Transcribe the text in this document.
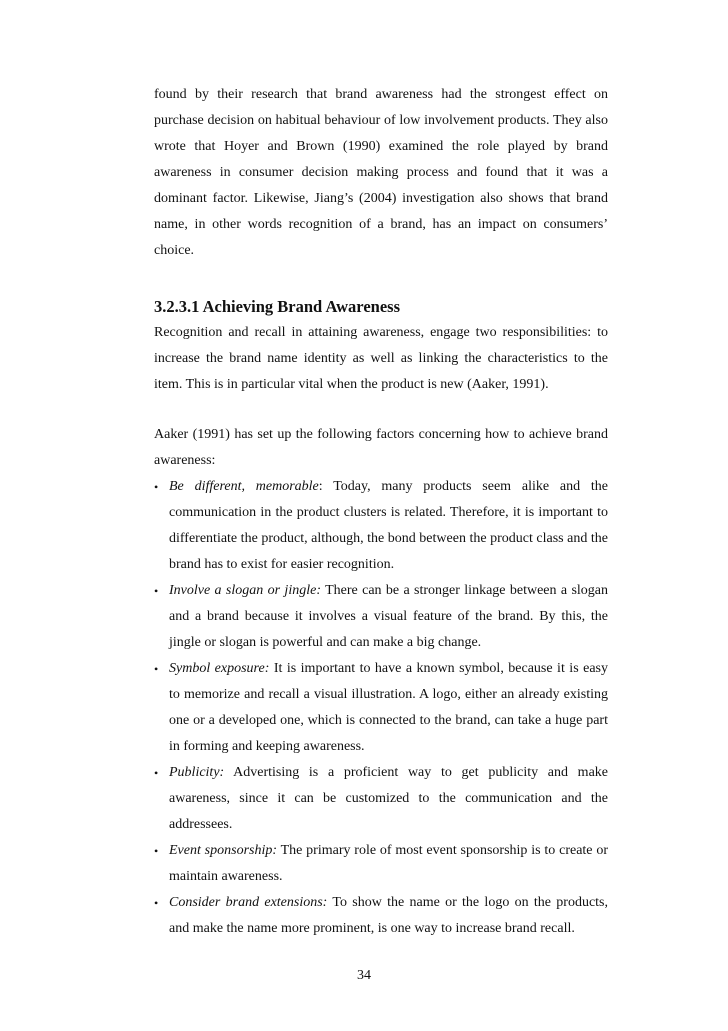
found by their research that brand awareness had the strongest effect on purchase decision on habitual behaviour of low involvement products. They also wrote that Hoyer and Brown (1990) examined the role played by brand awareness in consumer decision making process and found that it was a dominant factor. Likewise, Jiang’s (2004) investigation also shows that brand name, in other words recognition of a brand, has an impact on consumers’ choice.

3.2.3.1 Achieving Brand Awareness

Recognition and recall in attaining awareness, engage two responsibilities: to increase the brand name identity as well as linking the characteristics to the item. This is in particular vital when the product is new (Aaker, 1991).

Aaker (1991) has set up the following factors concerning how to achieve brand awareness:

• Be different, memorable: Today, many products seem alike and the communication in the product clusters is related. Therefore, it is important to differentiate the product, although, the bond between the product class and the brand has to exist for easier recognition.
• Involve a slogan or jingle: There can be a stronger linkage between a slogan and a brand because it involves a visual feature of the brand. By this, the jingle or slogan is powerful and can make a big change.
• Symbol exposure: It is important to have a known symbol, because it is easy to memorize and recall a visual illustration. A logo, either an already existing one or a developed one, which is connected to the brand, can take a huge part in forming and keeping awareness.
• Publicity: Advertising is a proficient way to get publicity and make awareness, since it can be customized to the communication and the addressees.
• Event sponsorship: The primary role of most event sponsorship is to create or maintain awareness.
• Consider brand extensions: To show the name or the logo on the products, and make the name more prominent, is one way to increase brand recall.
34
